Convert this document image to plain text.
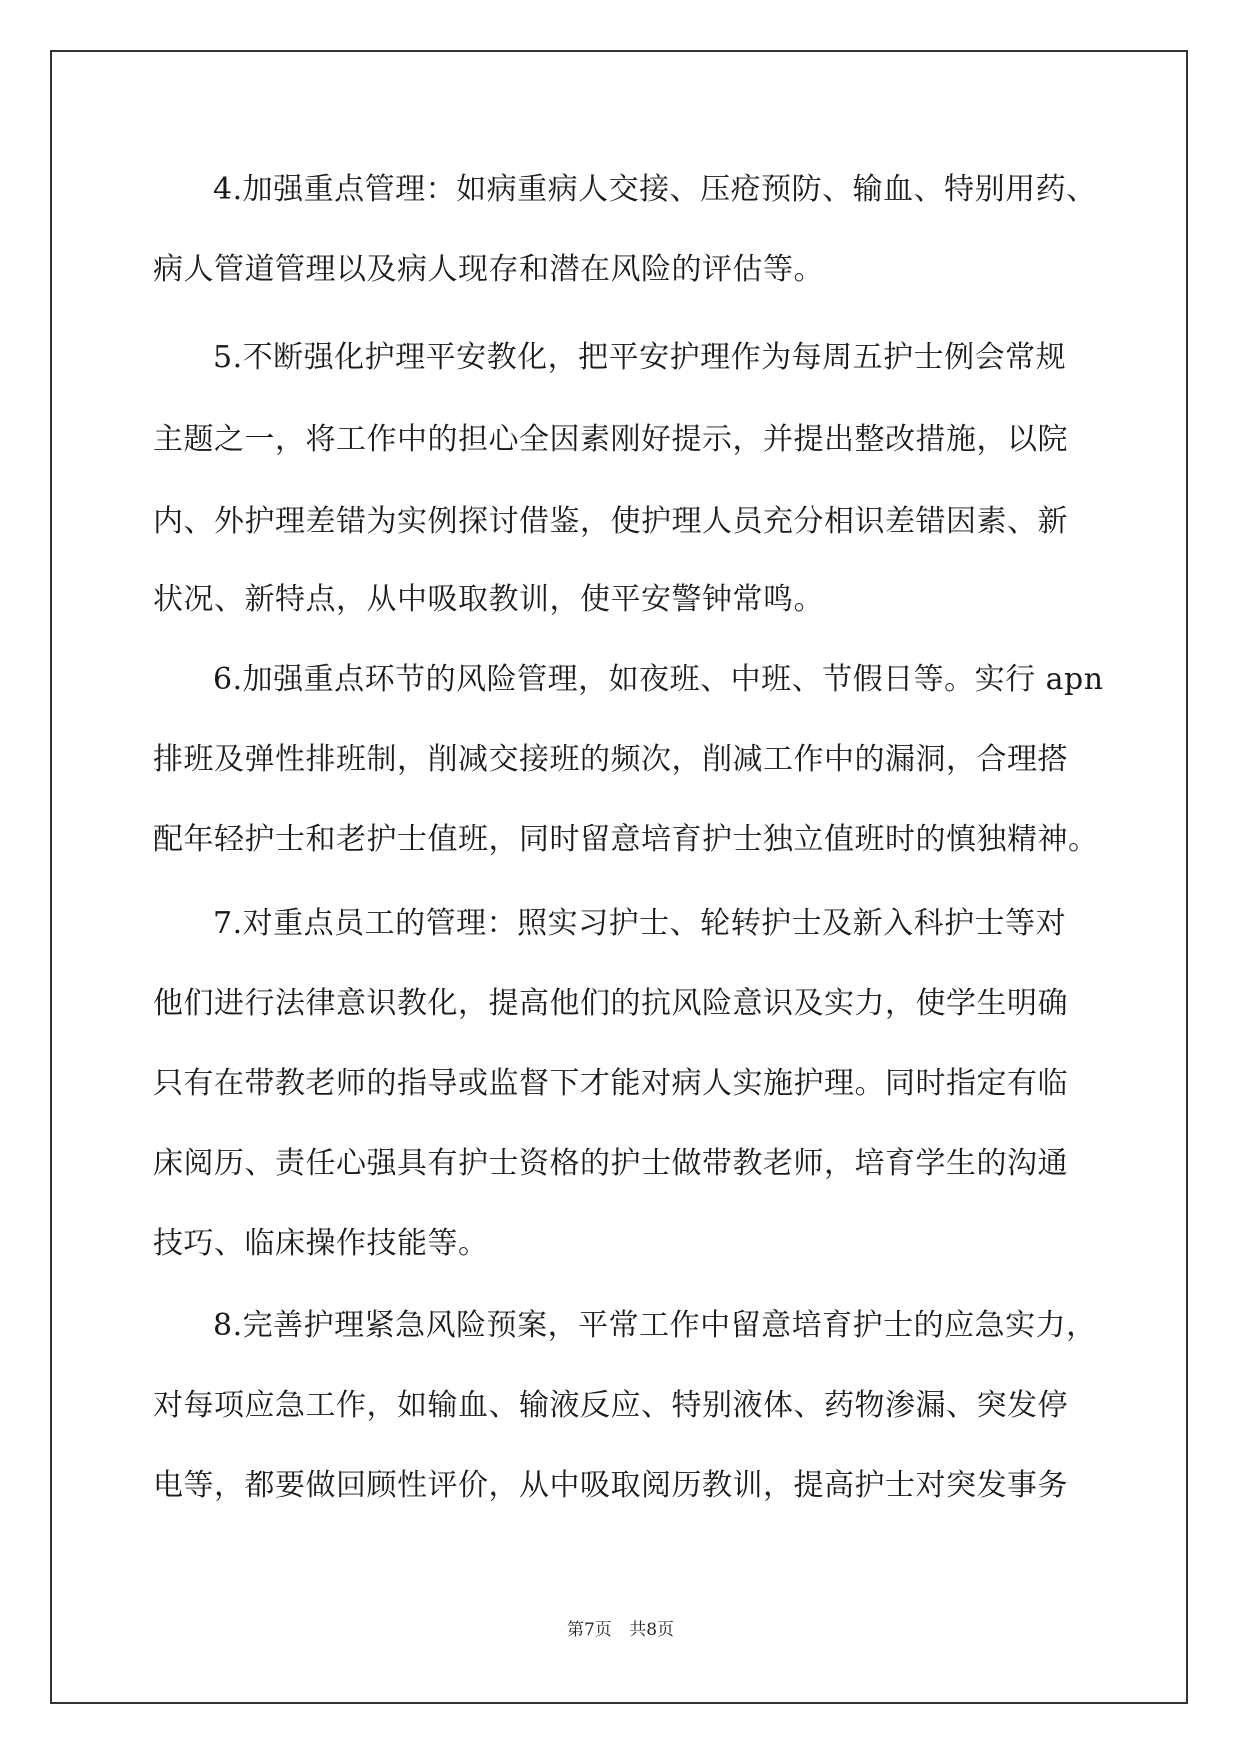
4.加强重点管理：如病重病人交接、压疮预防、输血、特别用药、
病人管道管理以及病人现存和潜在风险的评估等。
5.不断强化护理平安教化，把平安护理作为每周五护士例会常规
主题之一，将工作中的担心全因素刚好提示，并提出整改措施，以院
内、外护理差错为实例探讨借鉴，使护理人员充分相识差错因素、新
状况、新特点，从中吸取教训，使平安警钟常鸣。
6.加强重点环节的风险管理，如夜班、中班、节假日等。实行 apn
排班及弹性排班制，削减交接班的频次，削减工作中的漏洞，合理搭
配年轻护士和老护士值班，同时留意培育护士独立值班时的慎独精神。
7.对重点员工的管理：照实习护士、轮转护士及新入科护士等对
他们进行法律意识教化，提高他们的抗风险意识及实力，使学生明确
只有在带教老师的指导或监督下才能对病人实施护理。同时指定有临
床阅历、责任心强具有护士资格的护士做带教老师，培育学生的沟通
技巧、临床操作技能等。
8.完善护理紧急风险预案，平常工作中留意培育护士的应急实力，
对每项应急工作，如输血、输液反应、特别液体、药物渗漏、突发停
电等，都要做回顾性评价，从中吸取阅历教训，提高护士对突发事务
第7页 共8页
